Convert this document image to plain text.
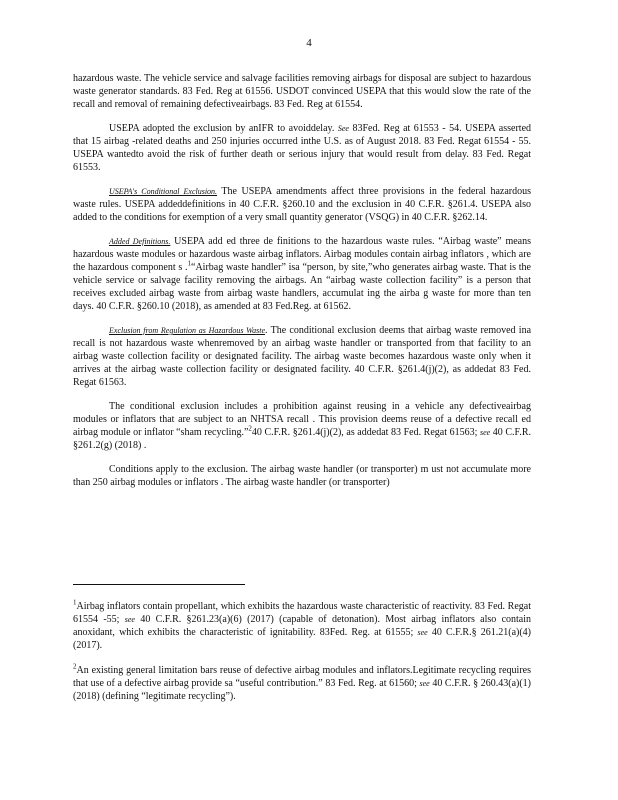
4

hazardous waste. The vehicle service and salvage facilities removing airbags for disposal are subject to hazardous waste generator standards. 83 Fed. Reg at 61556. USDOT convinced USEPA that this would slow the rate of the recall and removal of remaining defectiveairbags. 83 Fed. Reg at 61554.

USEPA adopted the exclusion by anIFR to avoiddelay. See 83Fed. Reg at 61553 - 54. USEPA asserted that 15 airbag -related deaths and 250 injuries occurred inthe U.S. as of August 2018. 83 Fed. Regat 61554 - 55. USEPA wantedto avoid the risk of further death or serious injury that would result from delay. 83 Fed. Regat 61553.

USEPA's Conditional Exclusion. The USEPA amendments affect three provisions in the federal hazardous waste rules. USEPA addeddefinitions in 40 C.F.R. §260.10 and the exclusion in 40 C.F.R. §261.4. USEPA also added to the conditions for exemption of a very small quantity generator (VSQG) in 40 C.F.R. §262.14.

Added Definitions. USEPA add ed three de finitions to the hazardous waste rules. “Airbag waste” means hazardous waste modules or hazardous waste airbag inflators. Airbag modules contain airbag inflators , which are the hazardous component s .$^1$“Airbag waste handler” isa “person, by site,”who generates airbag waste. That is the vehicle service or salvage facility removing the airbags. An “airbag waste collection facility” is a person that receives excluded airbag waste from airbag waste handlers, accumulat ing the airba g waste for more than ten days. 40 C.F.R. §260.10 (2018), as amended at 83 Fed.Reg. at 61562.

Exclusion from Regulation as Hazardous Waste. The conditional exclusion deems that airbag waste removed ina recall is not hazardous waste whenremoved by an airbag waste handler or transported from that facility to an airbag waste collection facility or designated facility. The airbag waste becomes hazardous waste only when it arrives at the airbag waste collection facility or designated facility. 40 C.F.R. §261.4(j)(2), as addedat 83 Fed. Regat 61563.

The conditional exclusion includes a prohibition against reusing in a vehicle any defectiveairbag modules or inflators that are subject to an NHTSA recall . This provision deems reuse of a defective recall ed airbag module or inflator “sham recycling.”$^2$40 C.F.R. §261.4(j)(2), as addedat 83 Fed. Regat 61563; see 40 C.F.R. §261.2(g) (2018) .

Conditions apply to the exclusion. The airbag waste handler (or transporter) m ust not accumulate more than 250 airbag modules or inflators . The airbag waste handler (or transporter)

$^1$Airbag inflators contain propellant, which exhibits the hazardous waste characteristic of reactivity. 83 Fed. Regat 61554 -55; see 40 C.F.R. §261.23(a)(6) (2017) (capable of detonation). Most airbag inflators also contain anoxidant, which exhibits the characteristic of ignitability. 83Fed. Reg. at 61555; see 40 C.F.R.§ 261.21(a)(4) (2017).

$^2$An existing general limitation bars reuse of defective airbag modules and inflators.Legitimate recycling requires that use of a defective airbag provide sa “useful contribution.” 83 Fed. Reg. at 61560; see 40 C.F.R. § 260.43(a)(1) (2018) (defining “legitimate recycling”).
